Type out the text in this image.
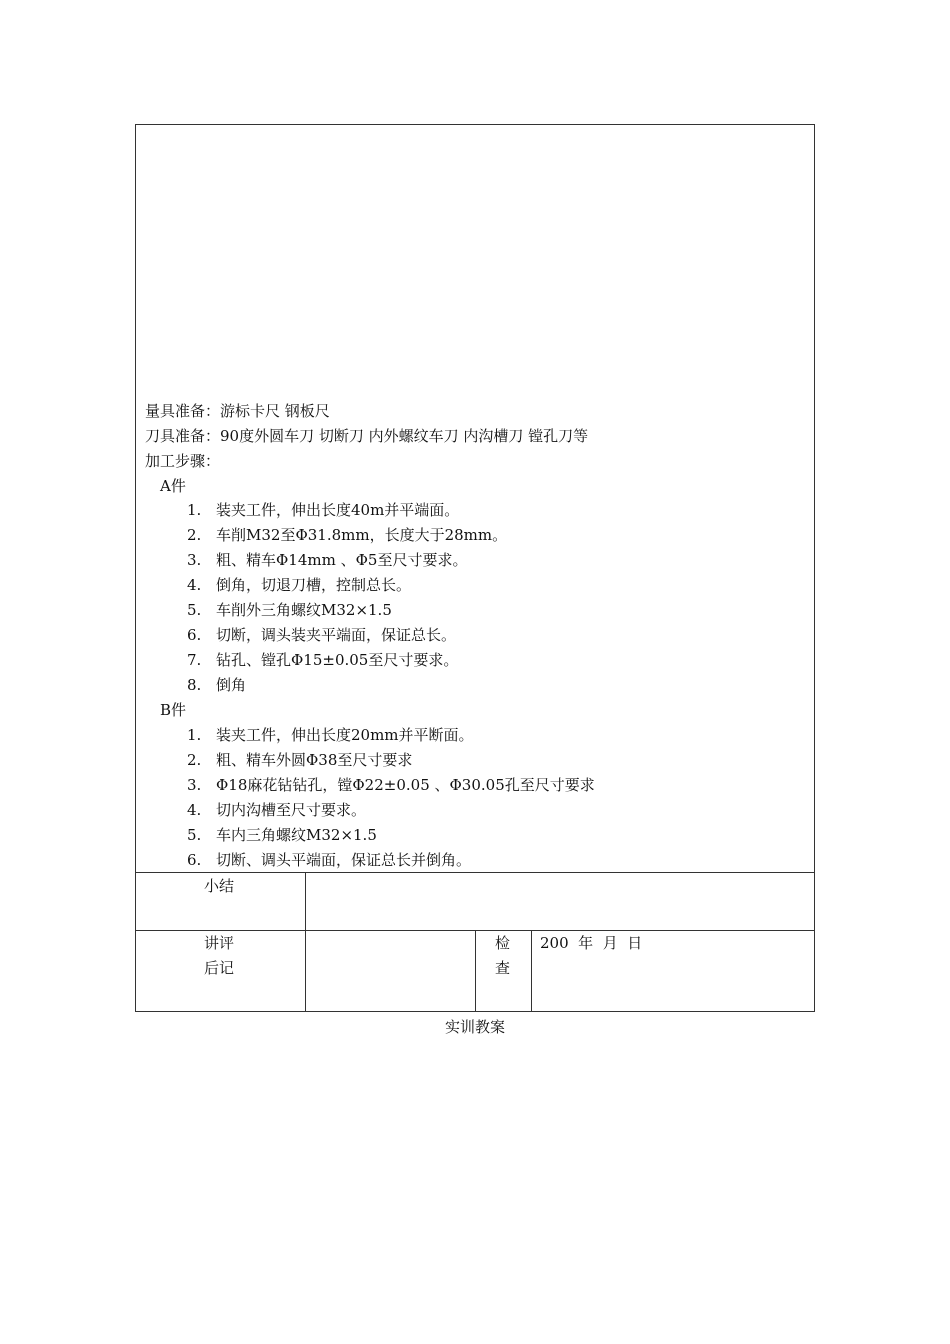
量具准备：游标卡尺 钢板尺
刀具准备：90度外圆车刀 切断刀 内外螺纹车刀 内沟槽刀 镗孔刀等
加工步骤：
A件
1. 装夹工件，伸出长度40m并平端面。
2. 车削M32至Φ31.8mm，长度大于28mm。
3. 粗、精车Φ14mm 、Φ5至尺寸要求。
4. 倒角，切退刀槽，控制总长。
5. 车削外三角螺纹M32×1.5
6. 切断，调头装夹平端面，保证总长。
7. 钻孔、镗孔Φ15±0.05至尺寸要求。
8. 倒角
B件
1. 装夹工件，伸出长度20mm并平断面。
2. 粗、精车外圆Φ38至尺寸要求
3. Φ18麻花钻钻孔，镗Φ22±0.05 、Φ30.05孔至尺寸要求
4. 切内沟槽至尺寸要求。
5. 车内三角螺纹M32×1.5
6. 切断、调头平端面，保证总长并倒角。
小结
讲评
后记
检
查
200  年  月  日
实训教案
